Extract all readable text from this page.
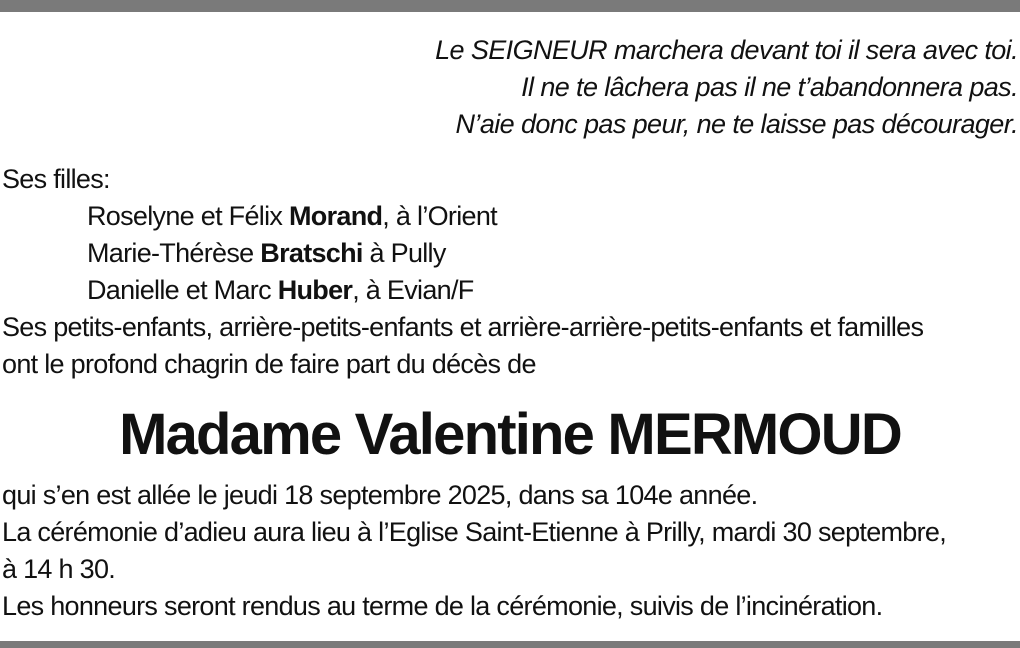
Le SEIGNEUR marchera devant toi il sera avec toi.
Il ne te lâchera pas il ne t’abandonnera pas.
N’aie donc pas peur, ne te laisse pas décourager.
Ses filles:
Roselyne et Félix Morand, à l’Orient
Marie-Thérèse Bratschi à Pully
Danielle et Marc Huber, à Evian/F
Ses petits-enfants, arrière-petits-enfants et arrière-arrière-petits-enfants et familles
ont le profond chagrin de faire part du décès de
Madame Valentine MERMOUD
qui s’en est allée le jeudi 18 septembre 2025, dans sa 104e année.
La cérémonie d’adieu aura lieu à l’Eglise Saint-Etienne à Prilly, mardi 30 septembre,
à 14 h 30.
Les honneurs seront rendus au terme de la cérémonie, suivis de l’incinération.
